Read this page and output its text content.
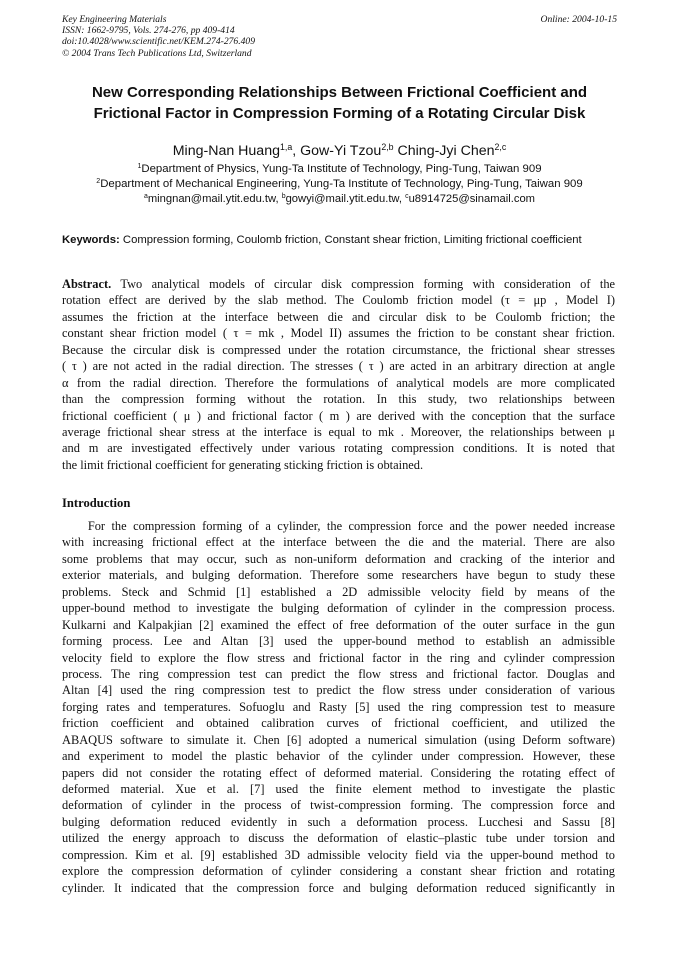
Key Engineering Materials
ISSN: 1662-9795, Vols. 274-276, pp 409-414
doi:10.4028/www.scientific.net/KEM.274-276.409
© 2004 Trans Tech Publications Ltd, Switzerland
Online: 2004-10-15
New Corresponding Relationships Between Frictional Coefficient and
Frictional Factor in Compression Forming of a Rotating Circular Disk
Ming-Nan Huang$^{1,a}$, Gow-Yi Tzou$^{2,b}$ Ching-Jyi Chen$^{2,c}$
$^1$Department of Physics, Yung-Ta Institute of Technology, Ping-Tung, Taiwan 909
$^2$Department of Mechanical Engineering, Yung-Ta Institute of Technology, Ping-Tung, Taiwan 909
$^a$mingnan@mail.ytit.edu.tw, $^b$gowyi@mail.ytit.edu.tw, $^c$u8914725@sinamail.com
Keywords: Compression forming, Coulomb friction, Constant shear friction, Limiting frictional coefficient
Abstract. Two analytical models of circular disk compression forming with consideration of the
rotation effect are derived by the slab method. The Coulomb friction model (τ = μp , Model I)
assumes the friction at the interface between die and circular disk to be Coulomb friction; the
constant shear friction model ( τ = mk , Model II) assumes the friction to be constant shear friction.
Because the circular disk is compressed under the rotation circumstance, the frictional shear stresses
( τ ) are not acted in the radial direction. The stresses ( τ ) are acted in an arbitrary direction at angle
α from the radial direction. Therefore the formulations of analytical models are more complicated
than the compression forming without the rotation. In this study, two relationships between
frictional coefficient ( μ ) and frictional factor ( m ) are derived with the conception that the surface
average frictional shear stress at the interface is equal to mk . Moreover, the relationships between μ
and m are investigated effectively under various rotating compression conditions. It is noted that
the limit frictional coefficient for generating sticking friction is obtained.
Introduction
For the compression forming of a cylinder, the compression force and the power needed increase
with increasing frictional effect at the interface between the die and the material. There are also
some problems that may occur, such as non-uniform deformation and cracking of the interior and
exterior materials, and bulging deformation. Therefore some researchers have begun to study these
problems. Steck and Schmid [1] established a 2D admissible velocity field by means of the
upper-bound method to investigate the bulging deformation of cylinder in the compression process.
Kulkarni and Kalpakjian [2] examined the effect of free deformation of the outer surface in the gun
forming process. Lee and Altan [3] used the upper-bound method to establish an admissible
velocity field to explore the flow stress and frictional factor in the ring and cylinder compression
process. The ring compression test can predict the flow stress and frictional factor. Douglas and
Altan [4] used the ring compression test to predict the flow stress under consideration of various
forging rates and temperatures. Sofuoglu and Rasty [5] used the ring compression test to measure
friction coefficient and obtained calibration curves of frictional coefficient, and utilized the
ABAQUS software to simulate it. Chen [6] adopted a numerical simulation (using Deform software)
and experiment to model the plastic behavior of the cylinder under compression. However, these
papers did not consider the rotating effect of deformed material. Considering the rotating effect of
deformed material. Xue et al. [7] used the finite element method to investigate the plastic
deformation of cylinder in the process of twist-compression forming. The compression force and
bulging deformation reduced evidently in such a deformation process. Lucchesi and Sassu [8]
utilized the energy approach to discuss the deformation of elastic–plastic tube under torsion and
compression. Kim et al. [9] established 3D admissible velocity field via the upper-bound method to
explore the compression deformation of cylinder considering a constant shear friction and rotating
cylinder. It indicated that the compression force and bulging deformation reduced significantly in
